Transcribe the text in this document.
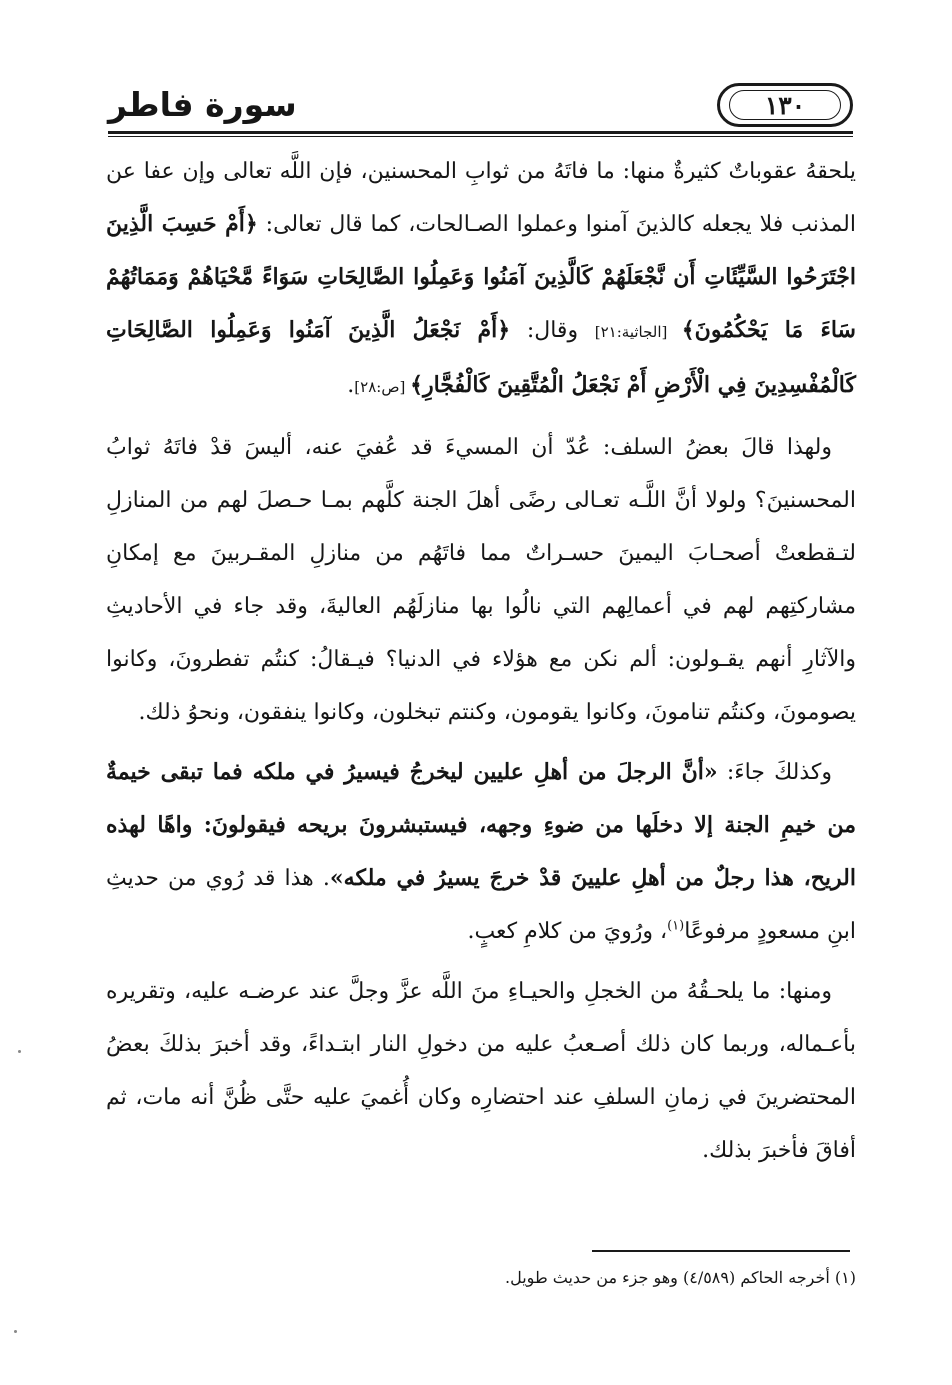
١٣٠
سورة فاطر

يلحقهُ عقوباتٌ كثيرةٌ منها: ما فاتَهُ من ثوابِ المحسنين، فإن اللَّه تعالى وإن عفا عن المذنب فلا يجعله كالذينَ آمنوا وعملوا الصـالحات، كما قال تعالى: ﴿أَمْ حَسِبَ الَّذِينَ اجْتَرَحُوا السَّيِّئَاتِ أَن نَّجْعَلَهُمْ كَالَّذِينَ آمَنُوا وَعَمِلُوا الصَّالِحَاتِ سَوَاءً مَّحْيَاهُمْ وَمَمَاتُهُمْ سَاءَ مَا يَحْكُمُونَ﴾ [الجاثية:٢١] وقال: ﴿أَمْ نَجْعَلُ الَّذِينَ آمَنُوا وَعَمِلُوا الصَّالِحَاتِ كَالْمُفْسِدِينَ فِي الْأَرْضِ أَمْ نَجْعَلُ الْمُتَّقِينَ كَالْفُجَّارِ﴾ [ص:٢٨].

ولهذا قالَ بعضُ السلف: عُدّ أن المسيءَ قد عُفيَ عنه، أليسَ قدْ فاتَهُ ثوابُ المحسنينَ؟ ولولا أنَّ اللَّـه تعـالى رضًى أهلَ الجنة كلَّهم بمـا حـصلَ لهم من المنازلِ لتـقطعتْ أصحـابَ اليمينَ حسـراتٌ مما فاتَهُم من منازلِ المقـربينَ مع إمكانِ مشاركتِهم لهم في أعمالِهم التي نالُوا بها منازلَهُم العاليةَ، وقد جاء في الأحاديثِ والآثارِ أنهم يقـولون: ألم نكن مع هؤلاء في الدنيا؟ فيـقالُ: كنتُم تفطرونَ، وكانوا يصومونَ، وكنتُم تنامونَ، وكانوا يقومون، وكنتم تبخلون، وكانوا ينفقون، ونحوُ ذلك.

وكذلكَ جاءَ: «أنَّ الرجلَ من أهلِ عليين ليخرجُ فيسيرُ في ملكه فما تبقى خيمةٌ من خيمِ الجنة إلا دخلَها من ضوءِ وجهه، فيستبشرونَ بريحه فيقولونَ: واهًا لهذه الريح، هذا رجلٌ من أهلِ عليينَ قدْ خرجَ يسيرُ في ملكه». هذا قد رُوي من حديثِ ابنِ مسعودٍ مرفوعًا$^{(١)}$، ورُويَ من كلامِ كعبٍ.

ومنها: ما يلحـقُهُ من الخجلِ والحيـاءِ منَ اللَّه عزَّ وجلَّ عند عرضـه عليه، وتقريره بأعـماله، وربما كان ذلك أصـعبُ عليه من دخولِ النار ابتـداءً، وقد أخبرَ بذلكَ بعضُ المحتضرينَ في زمانِ السلفِ عند احتضارِه وكان أُغميَ عليه حتَّى ظُنَّ أنه مات، ثم أفاقَ فأخبرَ بذلك.

(١) أخرجه الحاكم (٤/٥٨٩) وهو جزء من حديث طويل.
